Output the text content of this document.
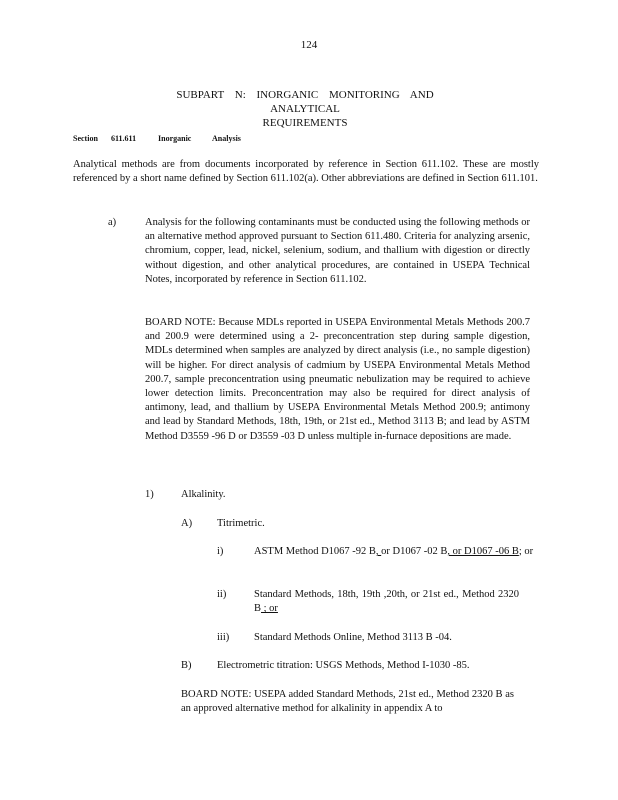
124
SUBPART N: INORGANIC MONITORING AND ANALYTICAL
REQUIREMENTS
Section 611.611	Inorganic	Analysis
Analytical methods are from documents incorporated by reference in Section 611.102. These are mostly referenced by a short name defined by Section 611.102(a). Other abbreviations are defined in Section 611.101.
a)	Analysis for the following contaminants must be conducted using the following methods or an alternative method approved pursuant to Section 611.480. Criteria for analyzing arsenic, chromium, copper, lead, nickel, selenium, sodium, and thallium with digestion or directly without digestion, and other analytical procedures, are contained in USEPA Technical Notes, incorporated by reference in Section 611.102.
BOARD NOTE: Because MDLs reported in USEPA Environmental Metals Methods 200.7 and 200.9 were determined using a 2- preconcentration step during sample digestion, MDLs determined when samples are analyzed by direct analysis (i.e., no sample digestion) will be higher. For direct analysis of cadmium by USEPA Environmental Metals Method 200.7, sample preconcentration using pneumatic nebulization may be required to achieve lower detection limits. Preconcentration may also be required for direct analysis of antimony, lead, and thallium by USEPA Environmental Metals Method 200.9; antimony and lead by Standard Methods, 18th, 19th, or 21st ed., Method 3113 B; and lead by ASTM Method D3559 -96 D or D3559 -03 D unless multiple in-furnace depositions are made.
1)	Alkalinity.
A)	Titrimetric.
i)	ASTM Method D1067 -92 B, or D1067 -02 B, or D1067 -06 B; or
ii)	Standard Methods, 18th, 19th ,20th, or 21st ed., Method 2320 B ; or
iii)	Standard Methods Online, Method 3113 B -04.
B)	Electrometric titration: USGS Methods, Method I-1030 -85.
BOARD NOTE: USEPA added Standard Methods, 21st ed., Method 2320 B as an approved alternative method for alkalinity in appendix A to
